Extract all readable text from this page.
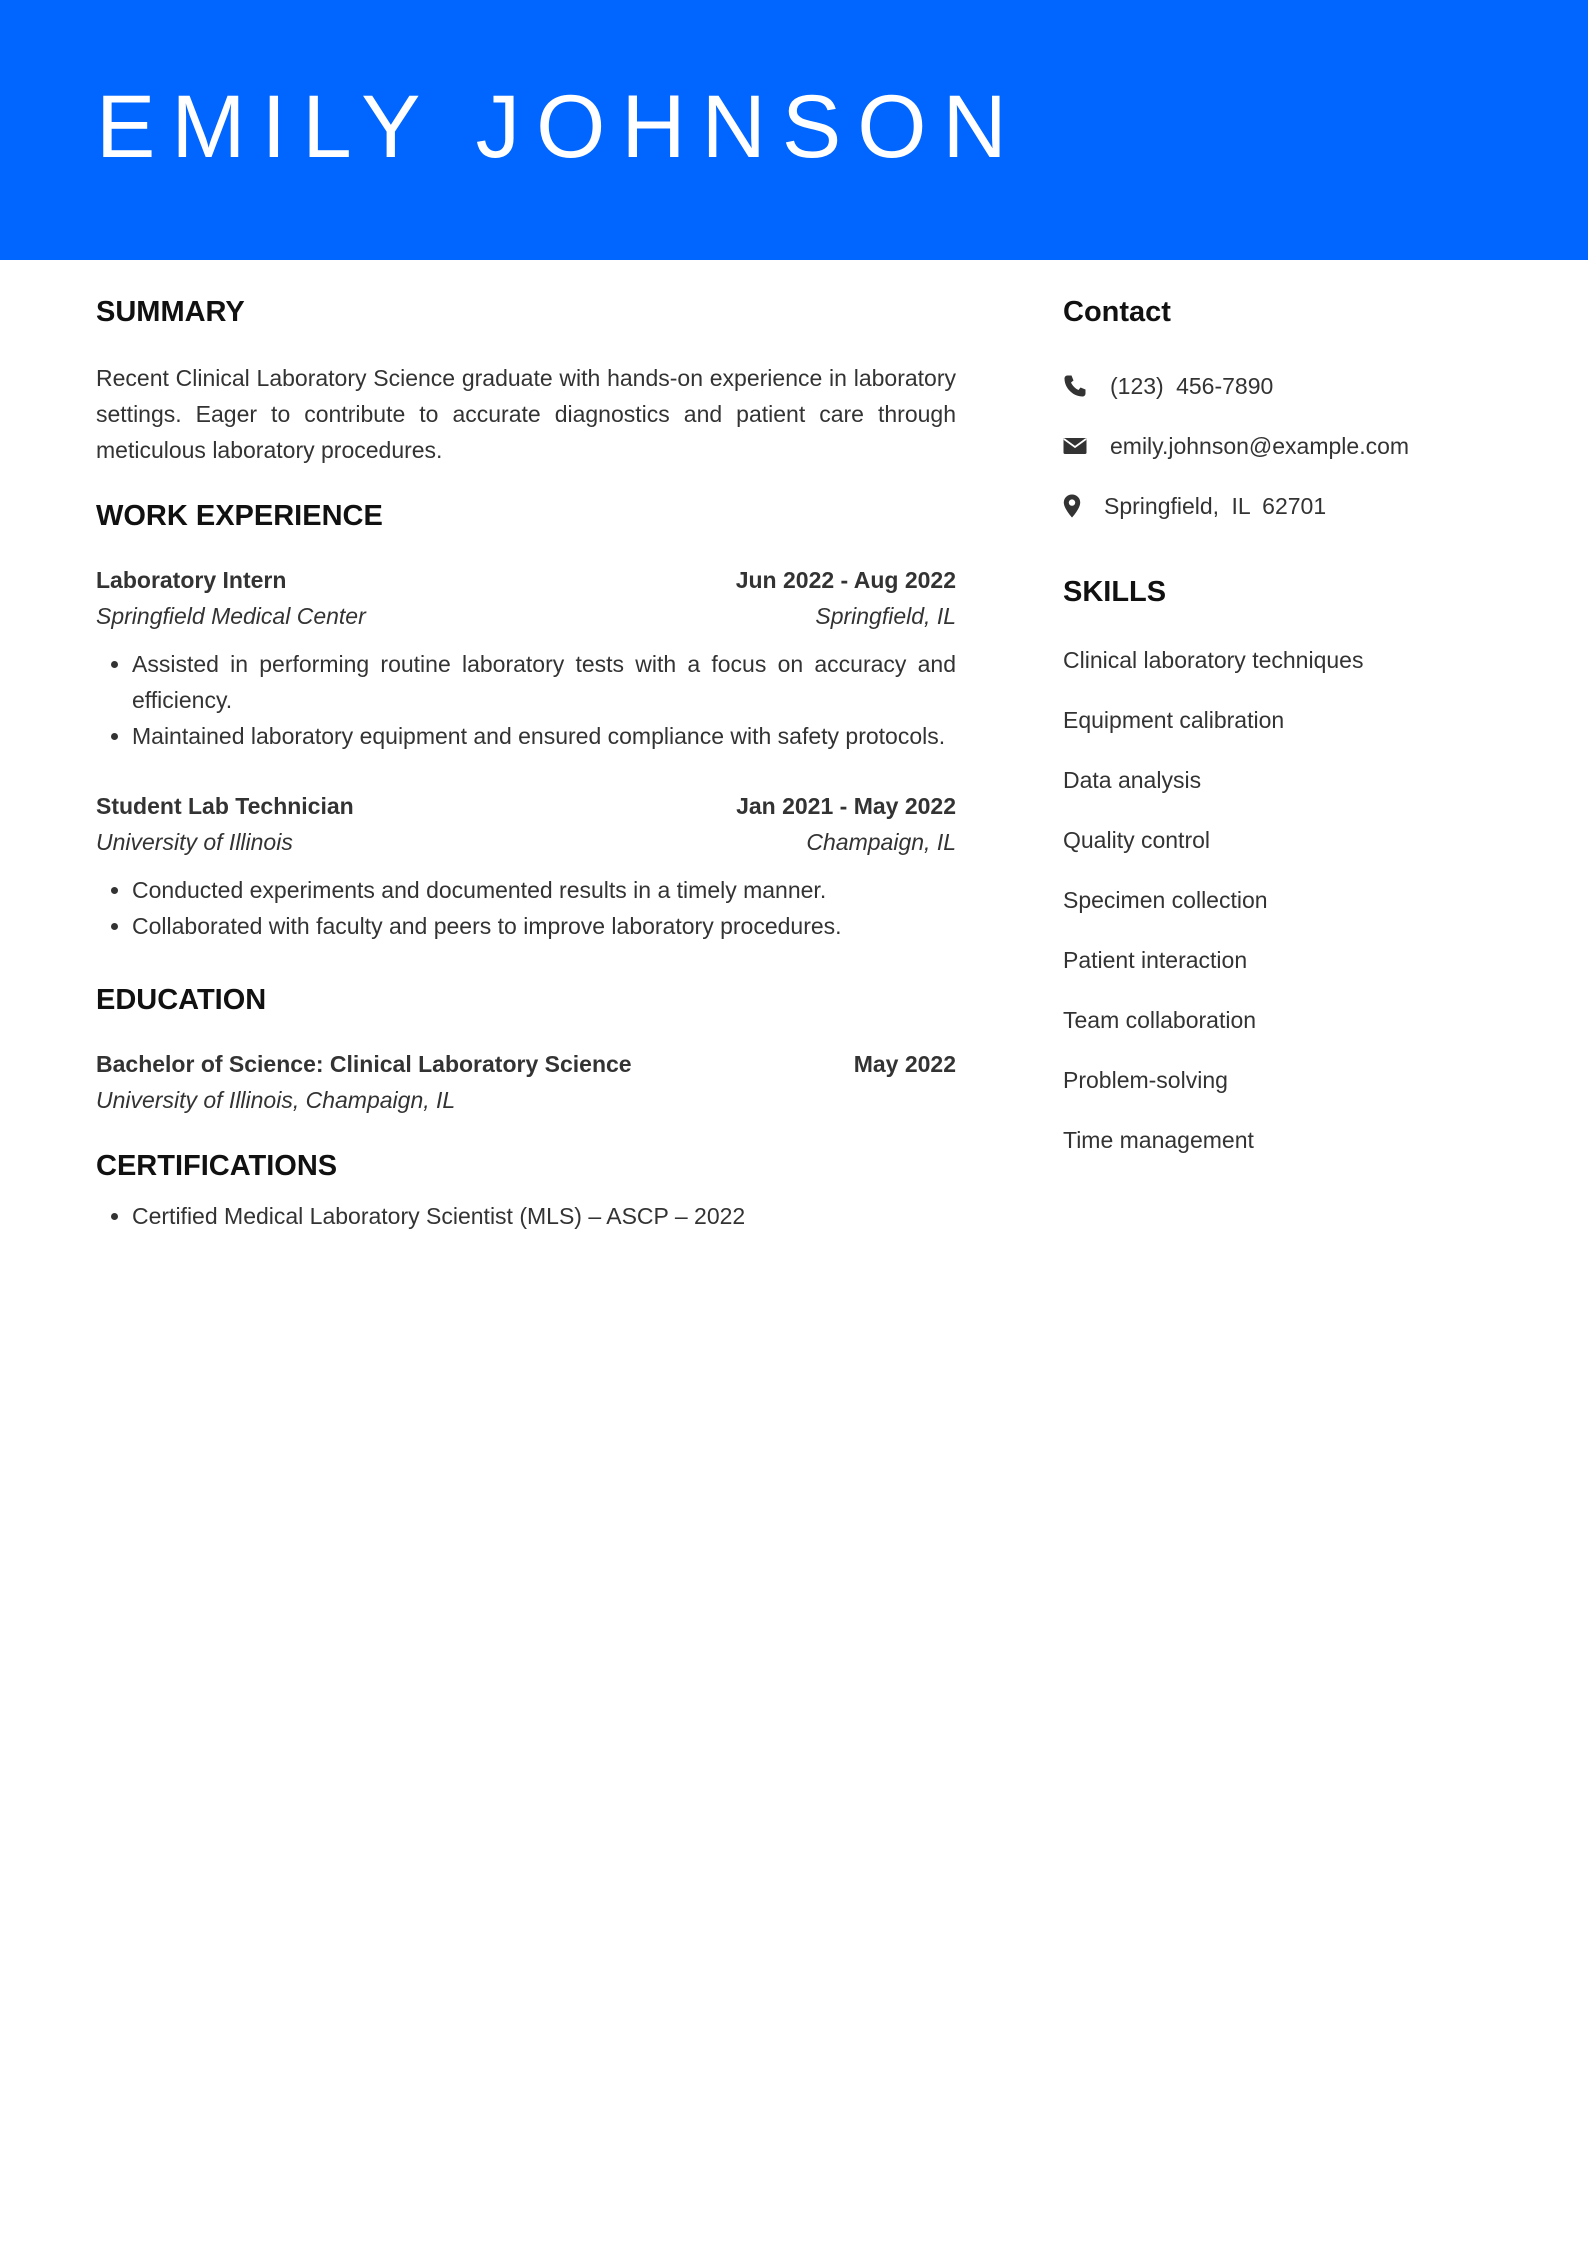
EMILY JOHNSON
SUMMARY
Recent Clinical Laboratory Science graduate with hands-on experience in laboratory settings. Eager to contribute to accurate diagnostics and patient care through meticulous laboratory procedures.
WORK EXPERIENCE
Laboratory Intern	Jun 2022 - Aug 2022
Springfield Medical Center	Springfield, IL
• Assisted in performing routine laboratory tests with a focus on accuracy and efficiency.
• Maintained laboratory equipment and ensured compliance with safety protocols.
Student Lab Technician	Jan 2021 - May 2022
University of Illinois	Champaign, IL
• Conducted experiments and documented results in a timely manner.
• Collaborated with faculty and peers to improve laboratory procedures.
EDUCATION
Bachelor of Science: Clinical Laboratory Science	May 2022
University of Illinois, Champaign, IL
CERTIFICATIONS
• Certified Medical Laboratory Scientist (MLS) – ASCP – 2022
Contact
(123) 456-7890
emily.johnson@example.com
Springfield, IL 62701
SKILLS
Clinical laboratory techniques
Equipment calibration
Data analysis
Quality control
Specimen collection
Patient interaction
Team collaboration
Problem-solving
Time management
